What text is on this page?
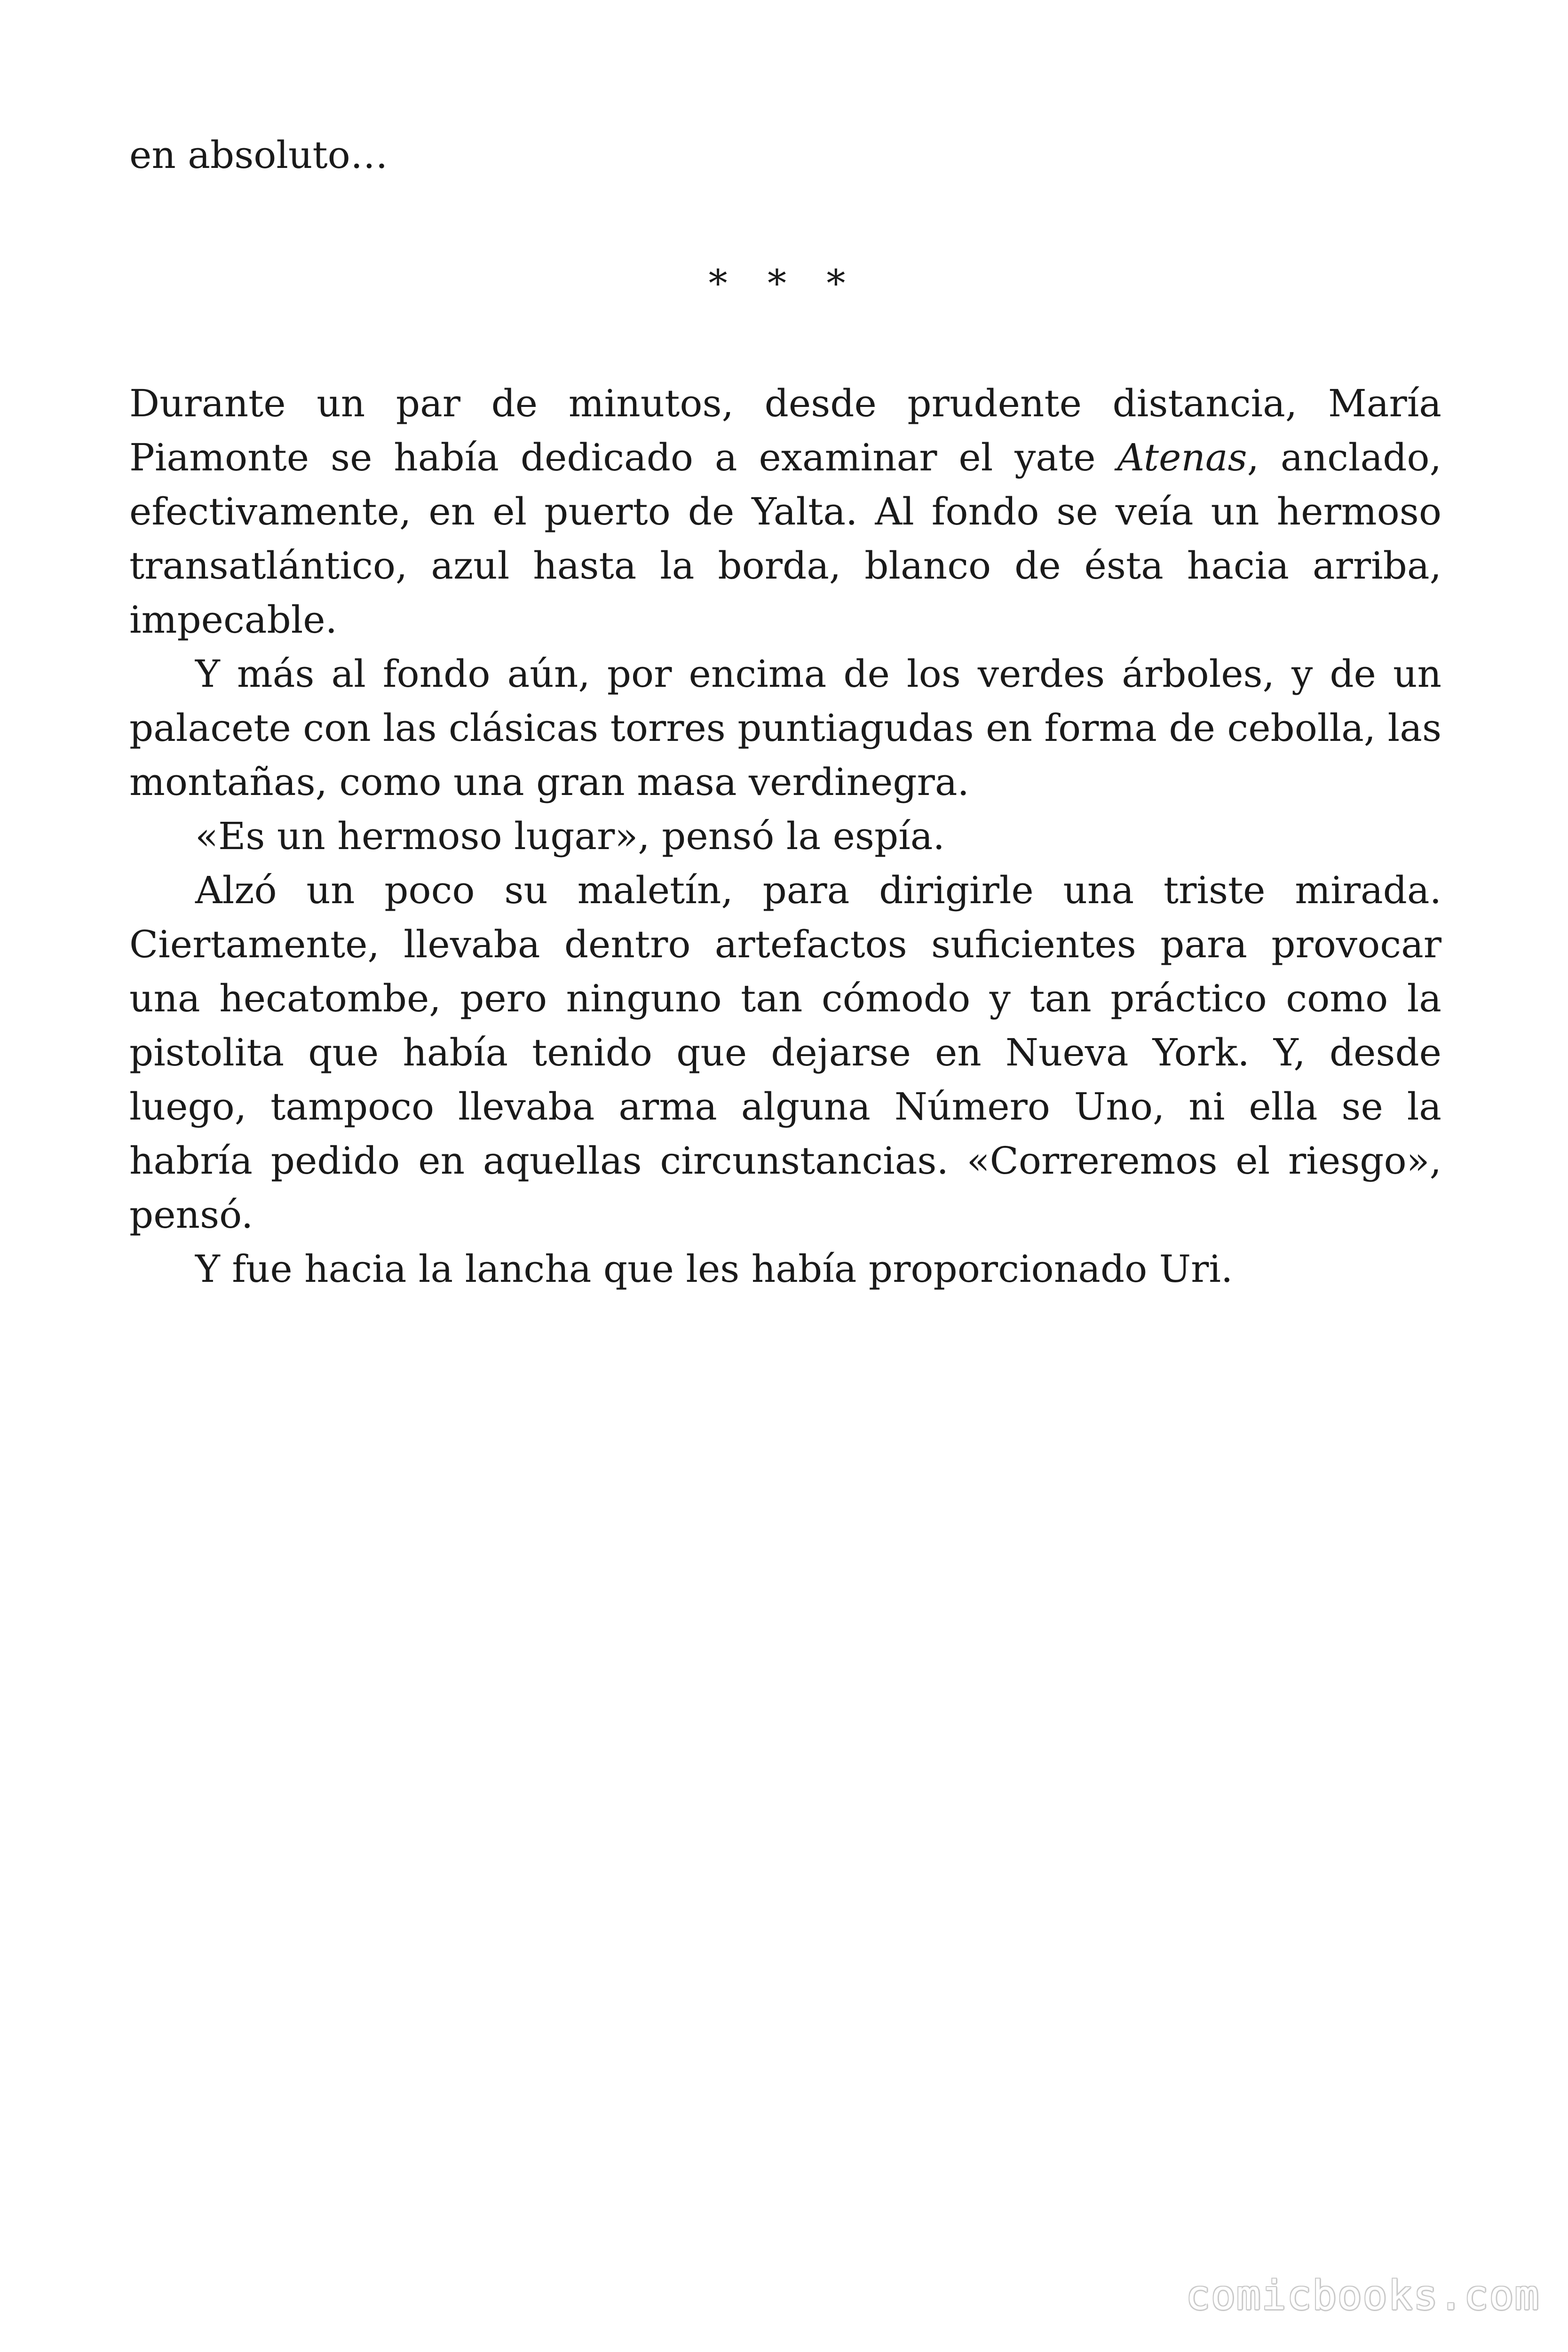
en absoluto…

* * *

Durante un par de minutos, desde prudente distancia, María Piamonte se había dedicado a examinar el yate Atenas, anclado, efectivamente, en el puerto de Yalta. Al fondo se veía un hermoso transatlántico, azul hasta la borda, blanco de ésta hacia arriba, impecable.

Y más al fondo aún, por encima de los verdes árboles, y de un palacete con las clásicas torres puntiagudas en forma de cebolla, las montañas, como una gran masa verdinegra.

«Es un hermoso lugar», pensó la espía.

Alzó un poco su maletín, para dirigirle una triste mirada. Ciertamente, llevaba dentro artefactos suficientes para provocar una hecatombe, pero ninguno tan cómodo y tan práctico como la pistolita que había tenido que dejarse en Nueva York. Y, desde luego, tampoco llevaba arma alguna Número Uno, ni ella se la habría pedido en aquellas circunstancias. «Correremos el riesgo», pensó.

Y fue hacia la lancha que les había proporcionado Uri.

comicbooks.com
